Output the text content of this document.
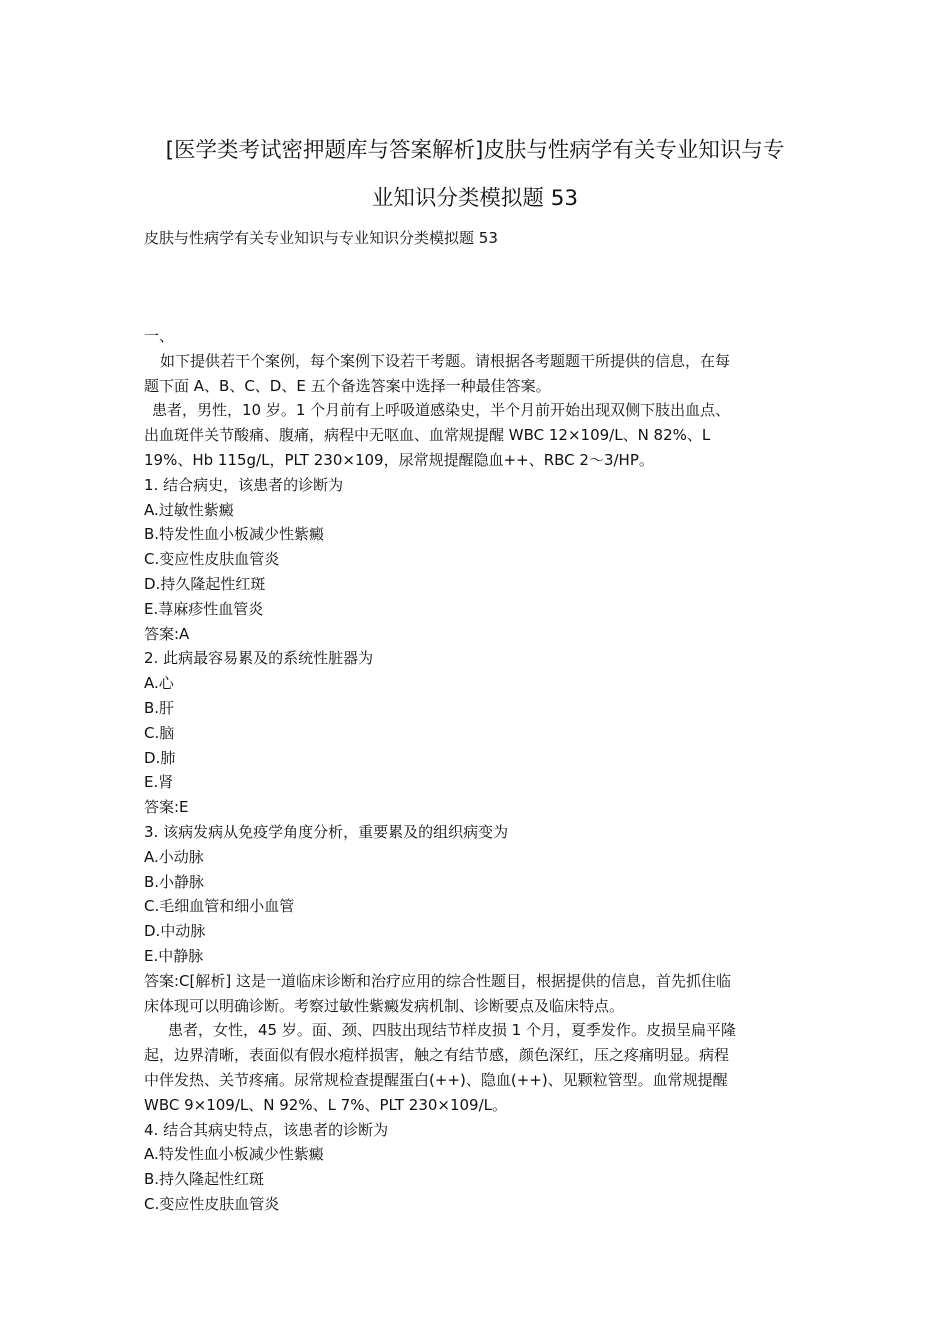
[医学类考试密押题库与答案解析]皮肤与性病学有关专业知识与专
业知识分类模拟题 53
皮肤与性病学有关专业知识与专业知识分类模拟题 53
一、
如下提供若干个案例，每个案例下设若干考题。请根据各考题题干所提供的信息，在每
题下面 A、B、C、D、E 五个备选答案中选择一种最佳答案。
患者，男性，10 岁。1 个月前有上呼吸道感染史，半个月前开始出现双侧下肢出血点、
出血斑伴关节酸痛、腹痛，病程中无呕血、血常规提醒 WBC 12×109/L、N 82%、L
19%、Hb 115g/L，PLT 230×109，尿常规提醒隐血++、RBC 2～3/HP。
1. 结合病史，该患者的诊断为
A.过敏性紫癜
B.特发性血小板减少性紫癜
C.变应性皮肤血管炎
D.持久隆起性红斑
E.荨麻疹性血管炎
答案:A
2. 此病最容易累及的系统性脏器为
A.心
B.肝
C.脑
D.肺
E.肾
答案:E
3. 该病发病从免疫学角度分析，重要累及的组织病变为
A.小动脉
B.小静脉
C.毛细血管和细小血管
D.中动脉
E.中静脉
答案:C[解析] 这是一道临床诊断和治疗应用的综合性题目，根据提供的信息，首先抓住临
床体现可以明确诊断。考察过敏性紫癜发病机制、诊断要点及临床特点。
患者，女性，45 岁。面、颈、四肢出现结节样皮损 1 个月，夏季发作。皮损呈扁平隆
起，边界清晰，表面似有假水疱样损害，触之有结节感，颜色深红，压之疼痛明显。病程
中伴发热、关节疼痛。尿常规检查提醒蛋白(++)、隐血(++)、见颗粒管型。血常规提醒
WBC 9×109/L、N 92%、L 7%、PLT 230×109/L。
4. 结合其病史特点，该患者的诊断为
A.特发性血小板减少性紫癜
B.持久隆起性红斑
C.变应性皮肤血管炎
